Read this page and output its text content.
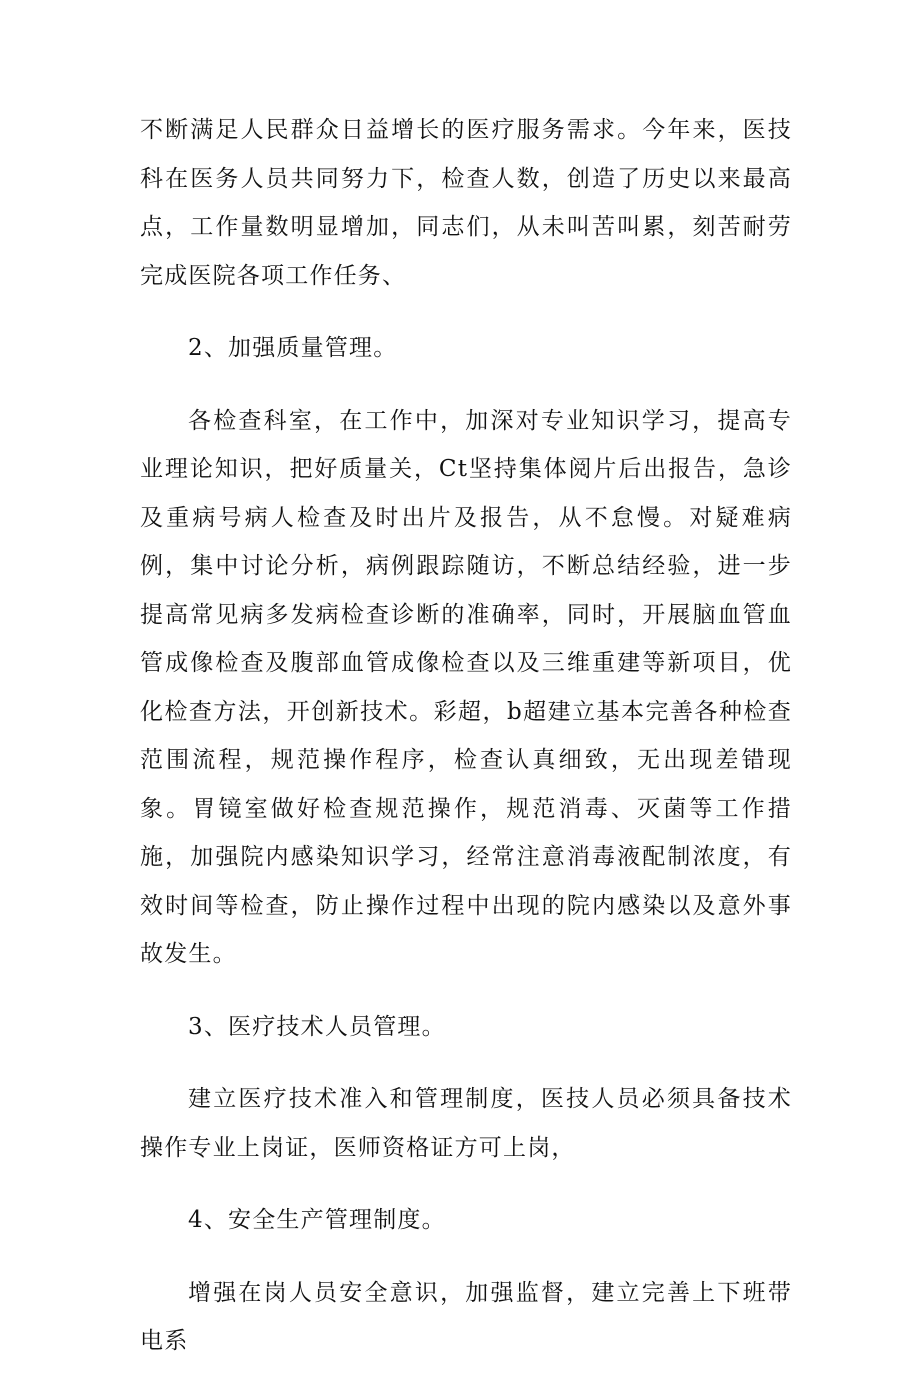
不断满足人民群众日益增长的医疗服务需求。今年来，医技科在医务人员共同努力下，检查人数，创造了历史以来最高点，工作量数明显增加，同志们，从未叫苦叫累，刻苦耐劳完成医院各项工作任务、

2、加强质量管理。

各检查科室，在工作中，加深对专业知识学习，提高专业理论知识，把好质量关，Ct坚持集体阅片后出报告，急诊及重病号病人检查及时出片及报告，从不怠慢。对疑难病例，集中讨论分析，病例跟踪随访，不断总结经验，进一步提高常见病多发病检查诊断的准确率，同时，开展脑血管血管成像检查及腹部血管成像检查以及三维重建等新项目，优化检查方法，开创新技术。彩超，b超建立基本完善各种检查范围流程，规范操作程序，检查认真细致，无出现差错现象。胃镜室做好检查规范操作，规范消毒、灭菌等工作措施，加强院内感染知识学习，经常注意消毒液配制浓度，有效时间等检查，防止操作过程中出现的院内感染以及意外事故发生。

3、医疗技术人员管理。

建立医疗技术准入和管理制度，医技人员必须具备技术操作专业上岗证，医师资格证方可上岗，

4、安全生产管理制度。

增强在岗人员安全意识，加强监督，建立完善上下班带电系
